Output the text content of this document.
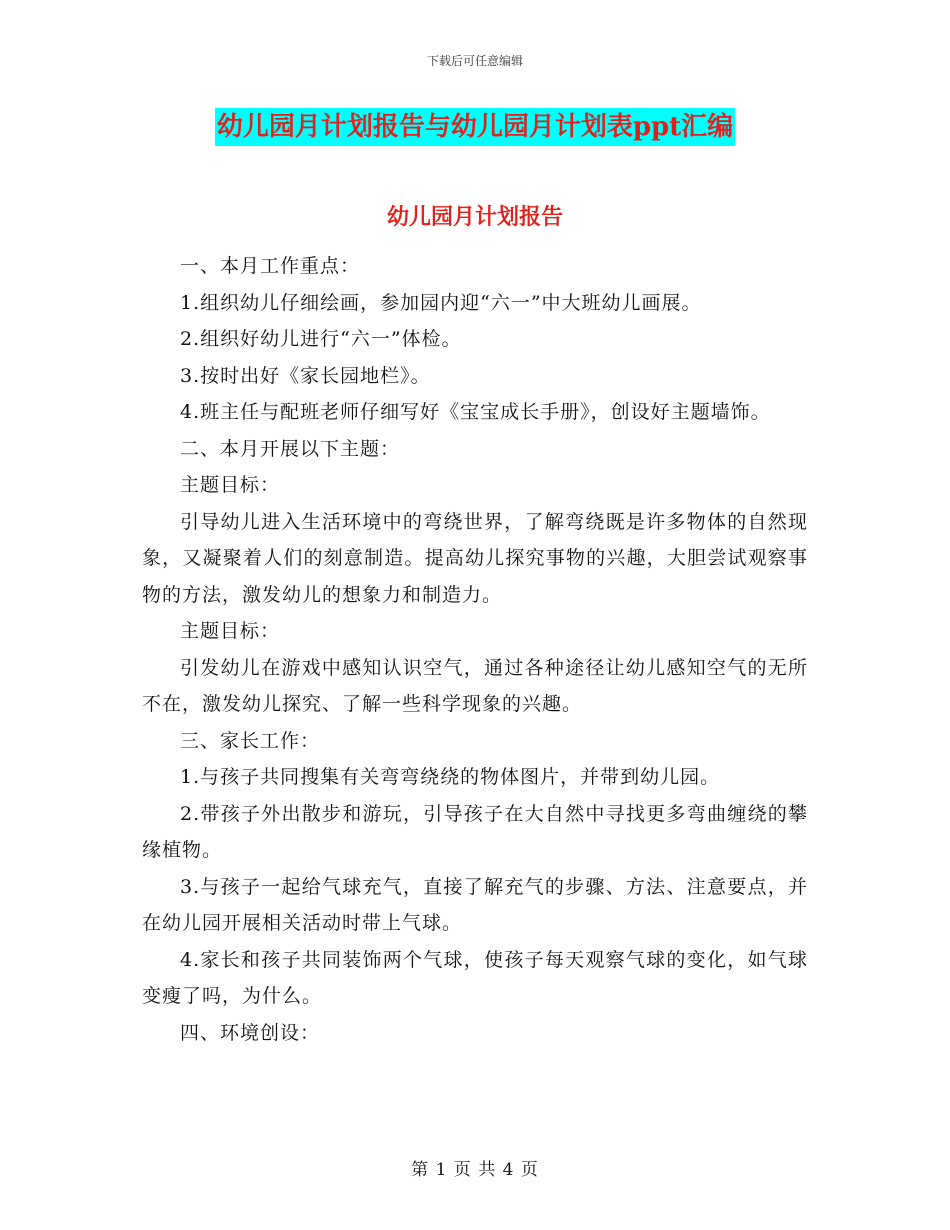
下载后可任意编辑
幼儿园月计划报告与幼儿园月计划表ppt汇编
幼儿园月计划报告

一、本月工作重点：

1.组织幼儿仔细绘画，参加园内迎“六一”中大班幼儿画展。

2.组织好幼儿进行“六一”体检。

3.按时出好《家长园地栏》。

4.班主任与配班老师仔细写好《宝宝成长手册》，创设好主题墙饰。

二、本月开展以下主题：

主题目标：

引导幼儿进入生活环境中的弯绕世界，了解弯绕既是许多物体的自然现象，又凝聚着人们的刻意制造。提高幼儿探究事物的兴趣，大胆尝试观察事物的方法，激发幼儿的想象力和制造力。

主题目标：

引发幼儿在游戏中感知认识空气，通过各种途径让幼儿感知空气的无所不在，激发幼儿探究、了解一些科学现象的兴趣。

三、家长工作：

1.与孩子共同搜集有关弯弯绕绕的物体图片，并带到幼儿园。

2.带孩子外出散步和游玩，引导孩子在大自然中寻找更多弯曲缠绕的攀缘植物。

3.与孩子一起给气球充气，直接了解充气的步骤、方法、注意要点，并在幼儿园开展相关活动时带上气球。

4.家长和孩子共同装饰两个气球，使孩子每天观察气球的变化，如气球变瘦了吗，为什么。

四、环境创设：

第 1 页 共 4 页
